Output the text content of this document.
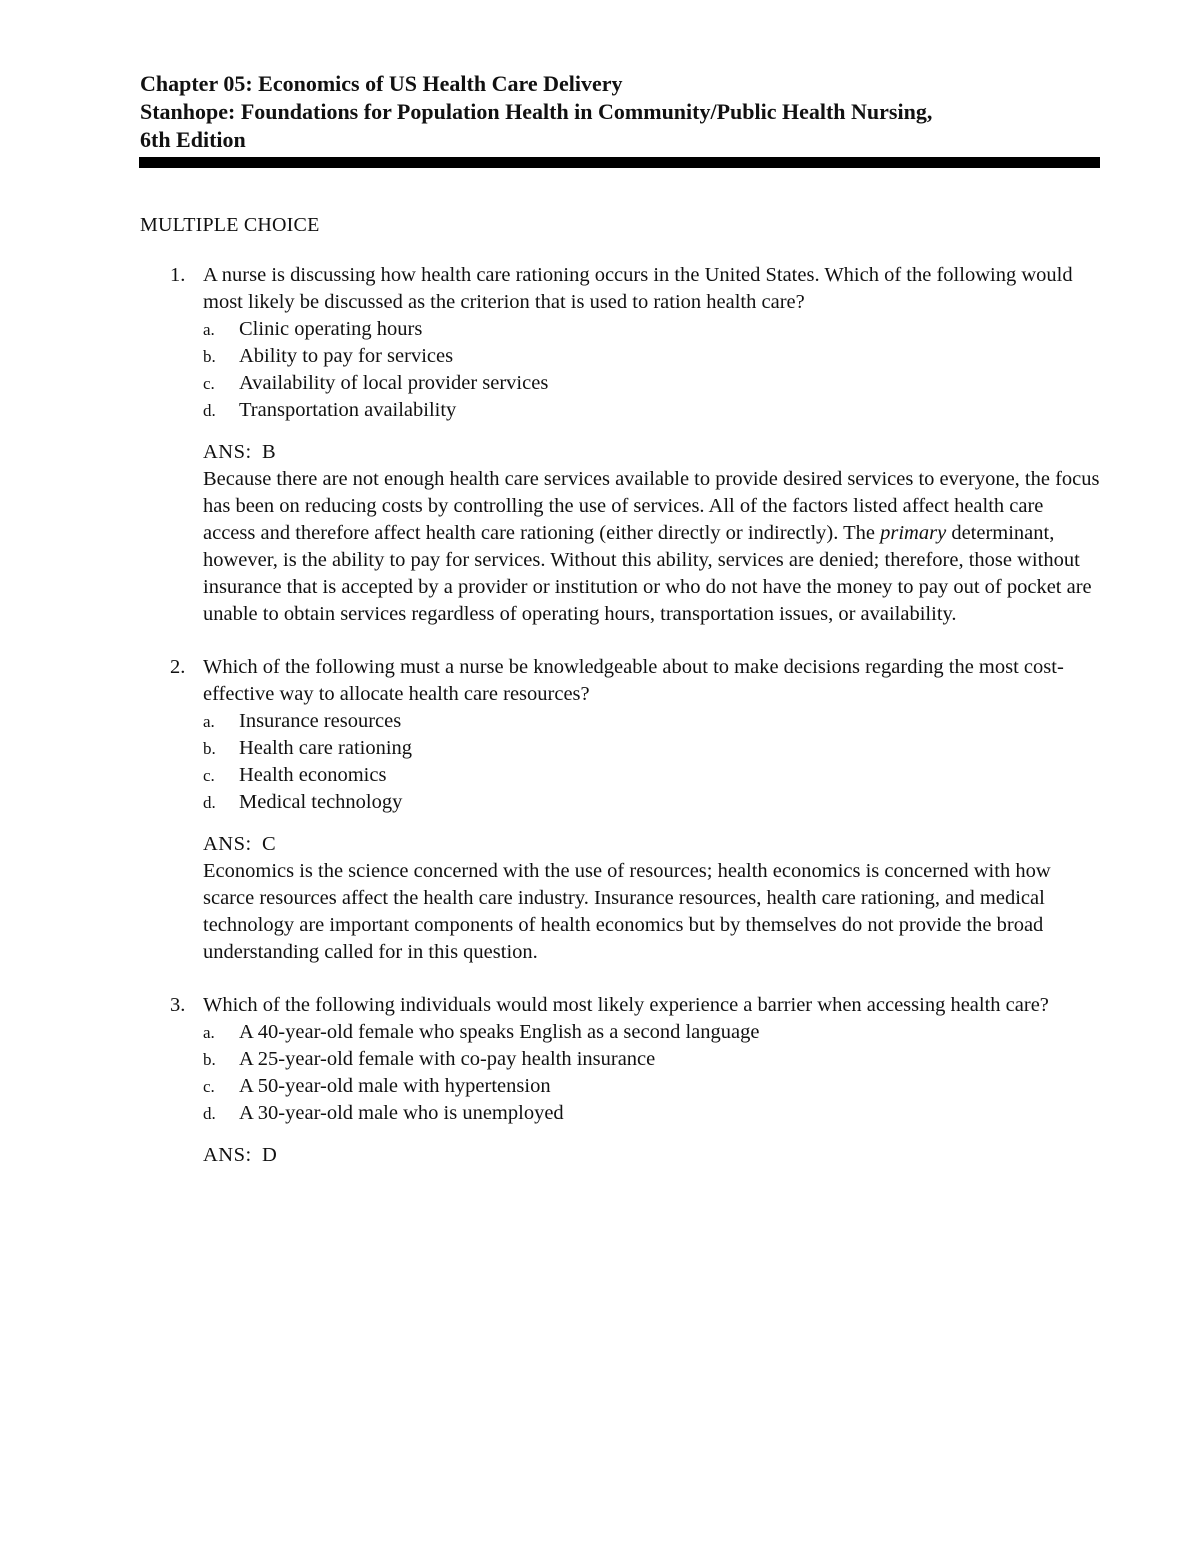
Chapter 05: Economics of US Health Care Delivery
Stanhope: Foundations for Population Health in Community/Public Health Nursing,
6th Edition
MULTIPLE CHOICE
1. A nurse is discussing how health care rationing occurs in the United States. Which of the following would most likely be discussed as the criterion that is used to ration health care?

a.	Clinic operating hours
b.	Ability to pay for services
c.	Availability of local provider services
d.	Transportation availability
ANS: B

Because there are not enough health care services available to provide desired services to everyone, the focus has been on reducing costs by controlling the use of services. All of the factors listed affect health care access and therefore affect health care rationing (either directly or indirectly). The primary determinant, however, is the ability to pay for services. Without this ability, services are denied; therefore, those without insurance that is accepted by a provider or institution or who do not have the money to pay out of pocket are unable to obtain services regardless of operating hours, transportation issues, or availability.

2. Which of the following must a nurse be knowledgeable about to make decisions regarding the most cost-effective way to allocate health care resources?

a.	Insurance resources
b.	Health care rationing
c.	Health economics
d.	Medical technology
ANS: C

Economics is the science concerned with the use of resources; health economics is concerned with how scarce resources affect the health care industry. Insurance resources, health care rationing, and medical technology are important components of health economics but by themselves do not provide the broad understanding called for in this question.

3. Which of the following individuals would most likely experience a barrier when accessing health care?

a.	A 40-year-old female who speaks English as a second language
b.	A 25-year-old female with co-pay health insurance
c.	A 50-year-old male with hypertension
d.	A 30-year-old male who is unemployed
ANS: D
